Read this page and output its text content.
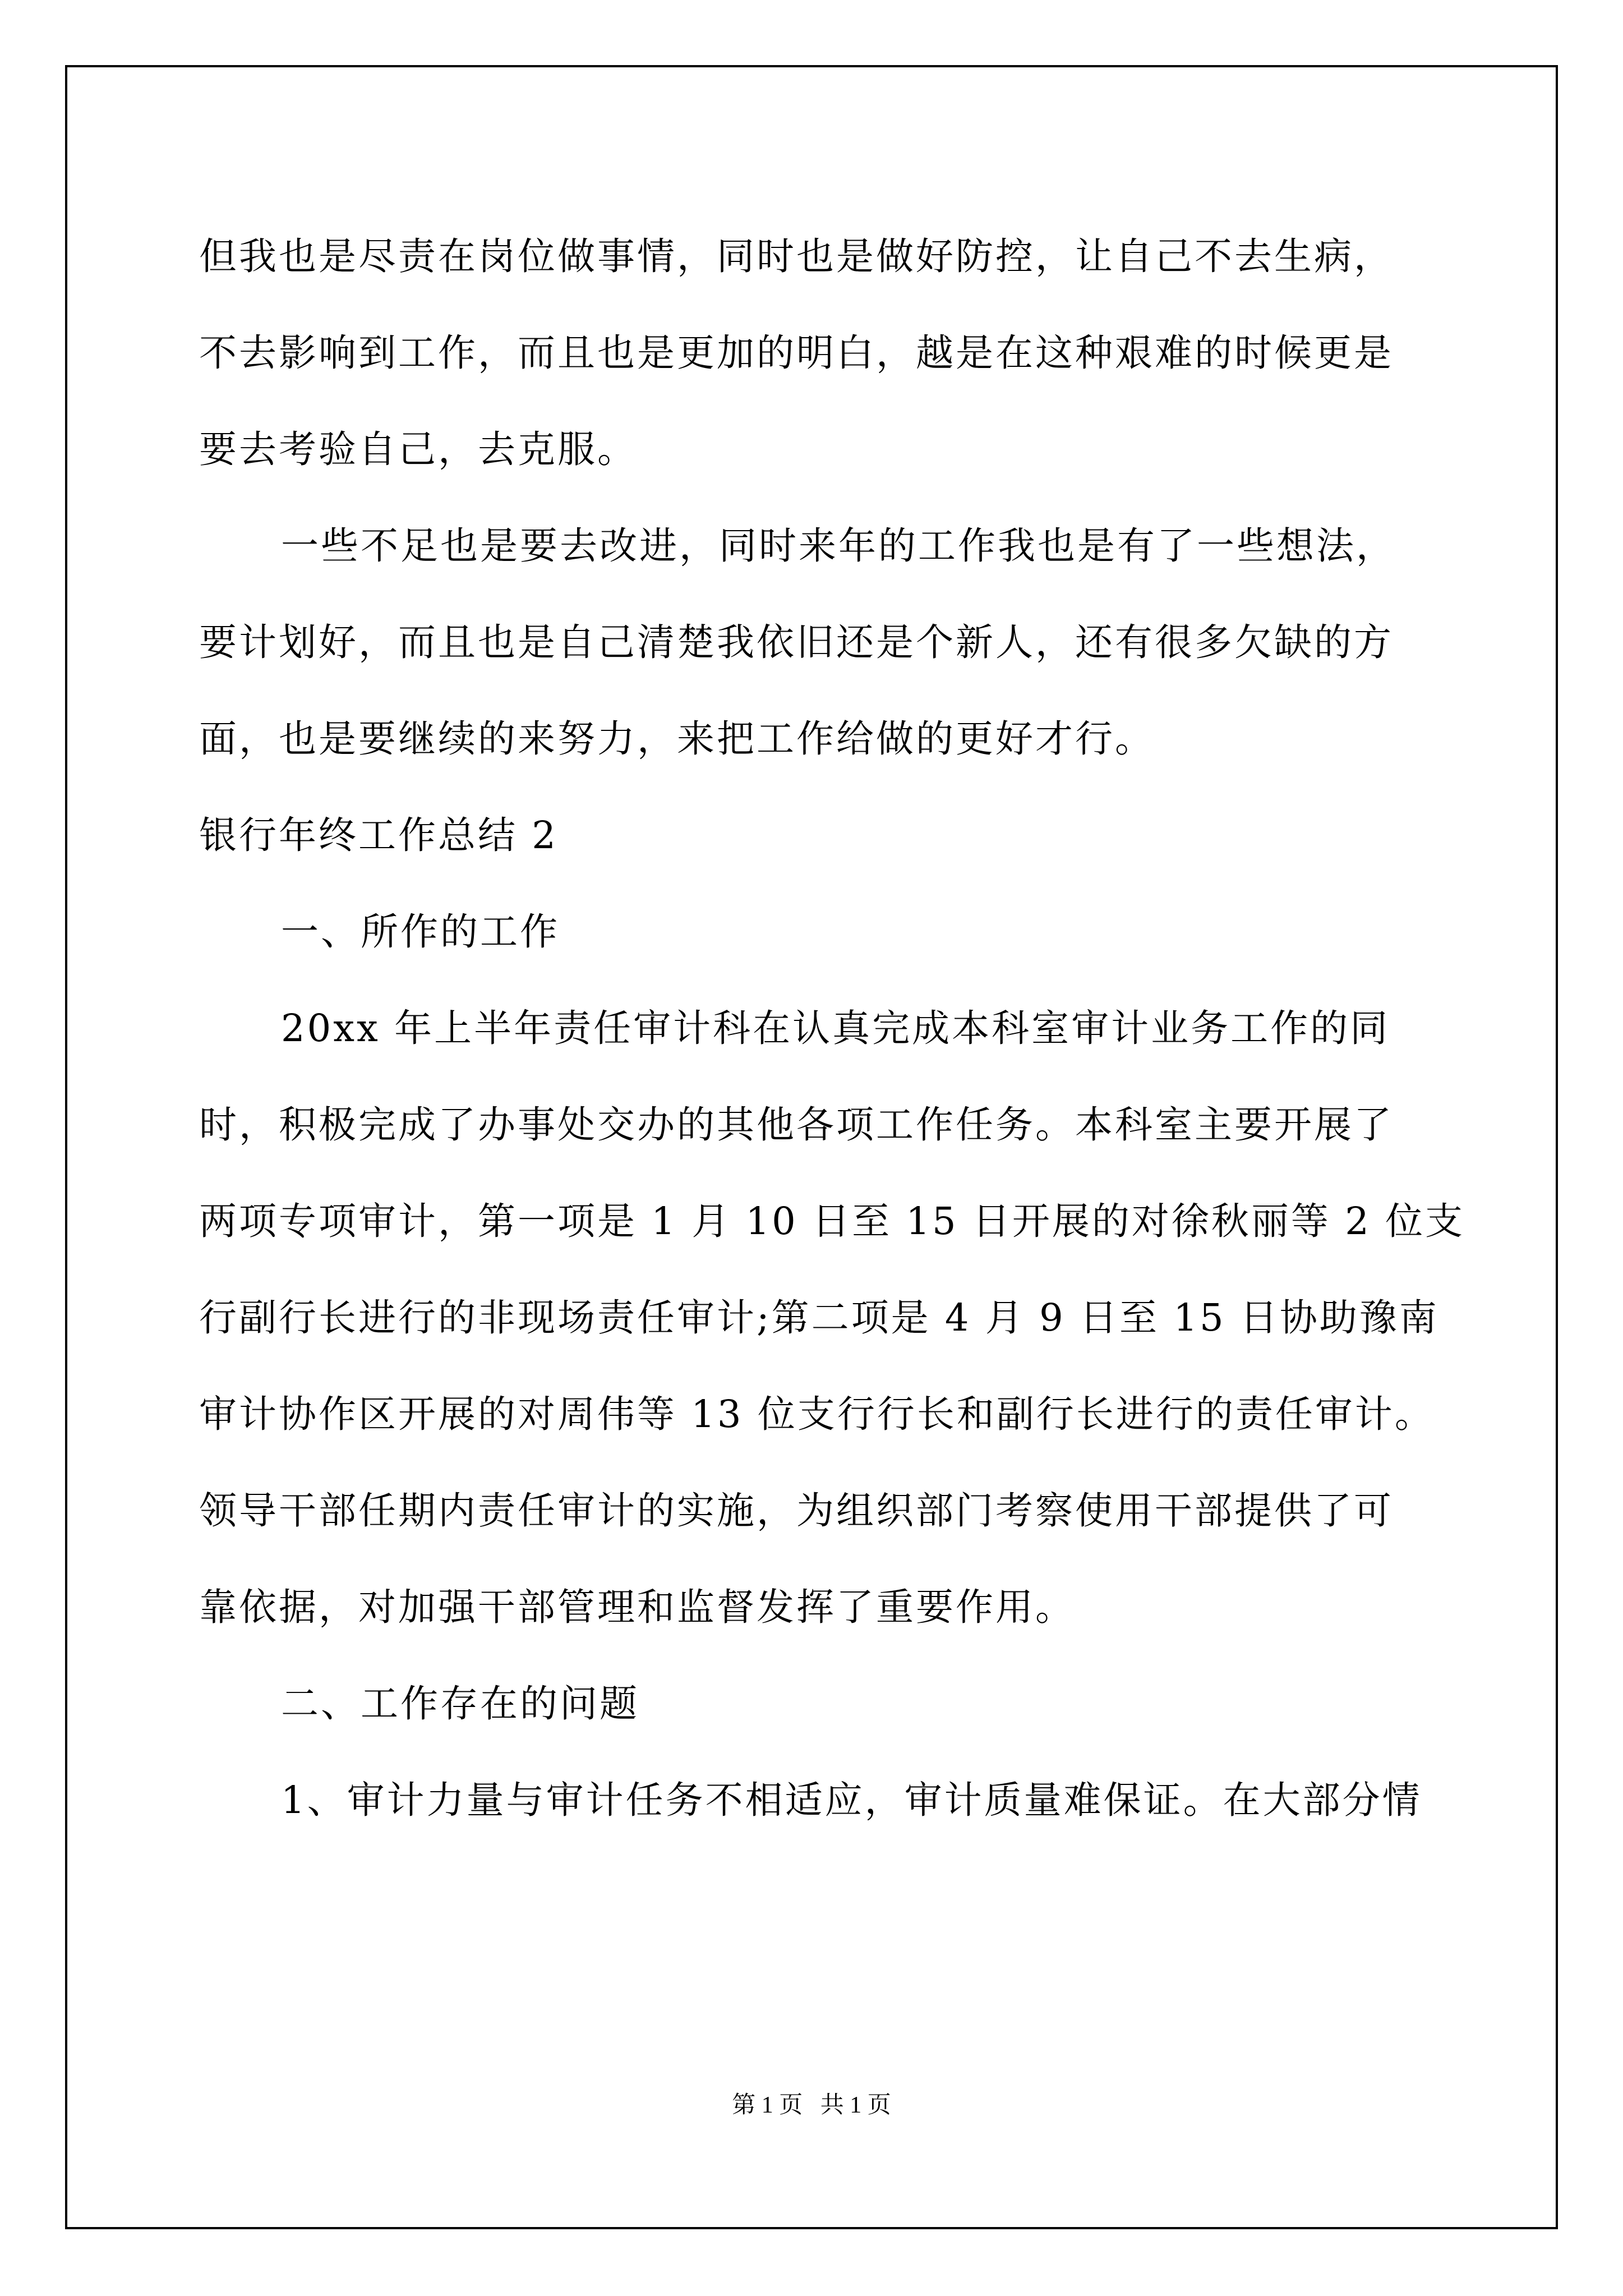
但我也是尽责在岗位做事情，同时也是做好防控，让自己不去生病，
不去影响到工作，而且也是更加的明白，越是在这种艰难的时候更是
要去考验自己，去克服。
一些不足也是要去改进，同时来年的工作我也是有了一些想法，
要计划好，而且也是自己清楚我依旧还是个新人，还有很多欠缺的方
面，也是要继续的来努力，来把工作给做的更好才行。
银行年终工作总结 2
一、所作的工作
20xx 年上半年责任审计科在认真完成本科室审计业务工作的同
时，积极完成了办事处交办的其他各项工作任务。本科室主要开展了
两项专项审计，第一项是 1 月 10 日至 15 日开展的对徐秋丽等 2 位支
行副行长进行的非现场责任审计;第二项是 4 月 9 日至 15 日协助豫南
审计协作区开展的对周伟等 13 位支行行长和副行长进行的责任审计。
领导干部任期内责任审计的实施，为组织部门考察使用干部提供了可
靠依据，对加强干部管理和监督发挥了重要作用。
二、工作存在的问题
1、审计力量与审计任务不相适应，审计质量难保证。在大部分情
第 1 页   共 1 页
